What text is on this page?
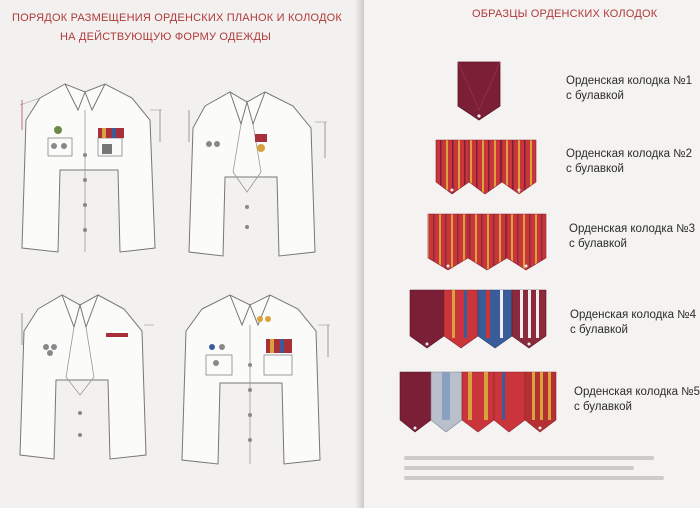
ПОРЯДОК РАЗМЕЩЕНИЯ ОРДЕНСКИХ ПЛАНОК И КОЛОДОК
НА ДЕЙСТВУЮЩУЮ ФОРМУ ОДЕЖДЫ
ОБРАЗЦЫ ОРДЕНСКИХ КОЛОДОК
Орденская колодка №1
с булавкой
Орденская колодка №2
с булавкой
Орденская колодка №3
с булавкой
Орденская колодка №4
с булавкой
Орденская колодка №5
с булавкой
